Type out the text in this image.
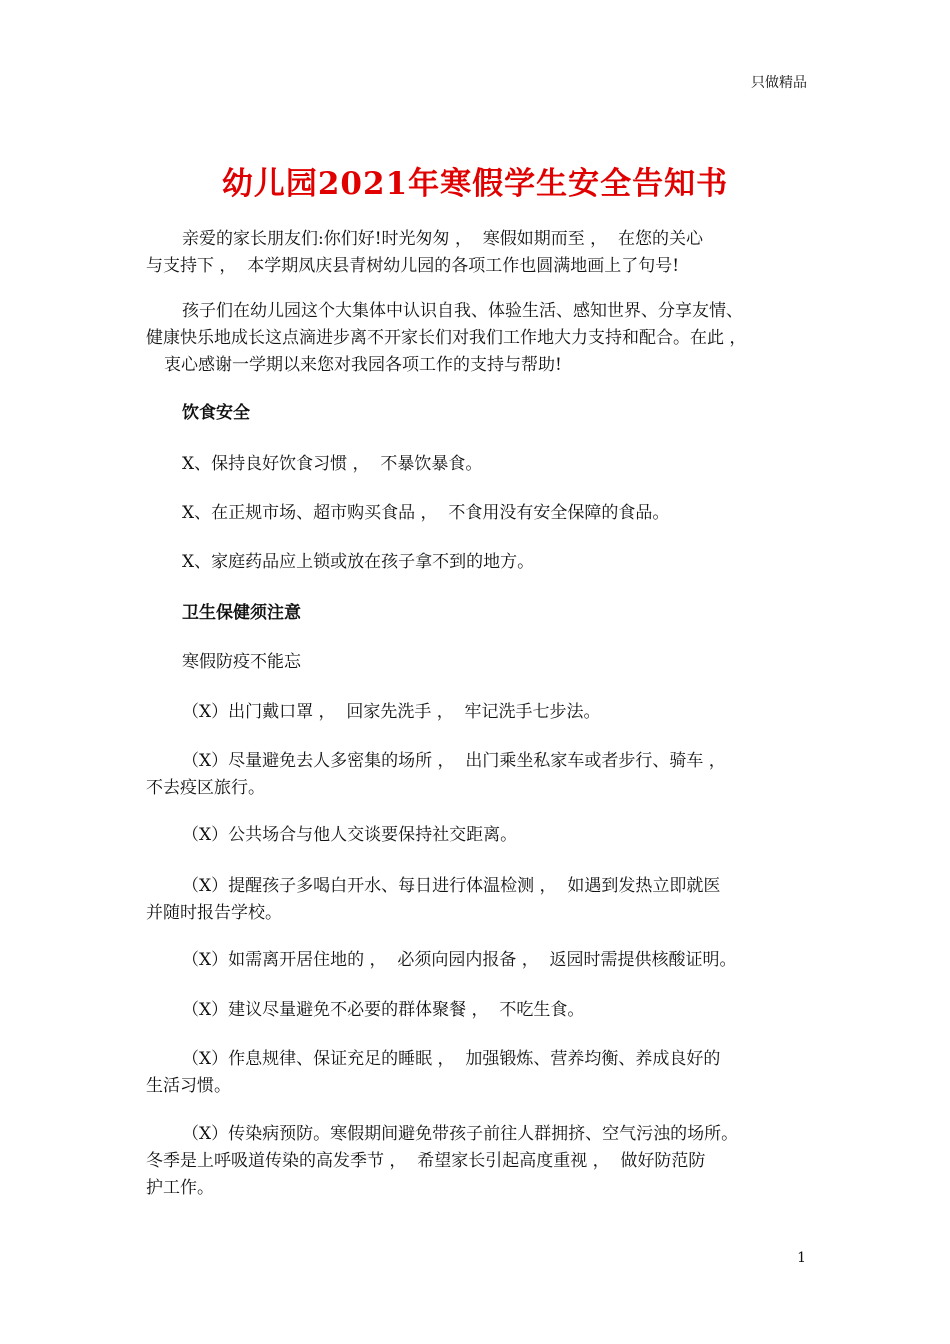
只做精品
幼儿园2021年寒假学生安全告知书
亲爱的家长朋友们:你们好!时光匆匆 ，  寒假如期而至 ，  在您的关心
与支持下 ，  本学期凤庆县青树幼儿园的各项工作也圆满地画上了句号!
孩子们在幼儿园这个大集体中认识自我、体验生活、感知世界、分享友情、
健康快乐地成长这点滴进步离不开家长们对我们工作地大力支持和配合。在此 ，
衷心感谢一学期以来您对我园各项工作的支持与帮助!
饮食安全
X、保持良好饮食习惯 ，  不暴饮暴食。
X、在正规市场、超市购买食品 ，  不食用没有安全保障的食品。
X、家庭药品应上锁或放在孩子拿不到的地方。
卫生保健须注意
寒假防疫不能忘
（X）出门戴口罩 ，  回家先洗手 ，  牢记洗手七步法。
（X）尽量避免去人多密集的场所 ，  出门乘坐私家车或者步行、骑车 ，
不去疫区旅行。
（X）公共场合与他人交谈要保持社交距离。
（X）提醒孩子多喝白开水、每日进行体温检测 ，  如遇到发热立即就医
并随时报告学校。
（X）如需离开居住地的 ，  必须向园内报备 ，  返园时需提供核酸证明。
（X）建议尽量避免不必要的群体聚餐 ，  不吃生食。
（X）作息规律、保证充足的睡眠 ，  加强锻炼、营养均衡、养成良好的
生活习惯。
（X）传染病预防。寒假期间避免带孩子前往人群拥挤、空气污浊的场所。
冬季是上呼吸道传染的高发季节 ，  希望家长引起高度重视 ，  做好防范防
护工作。
1
